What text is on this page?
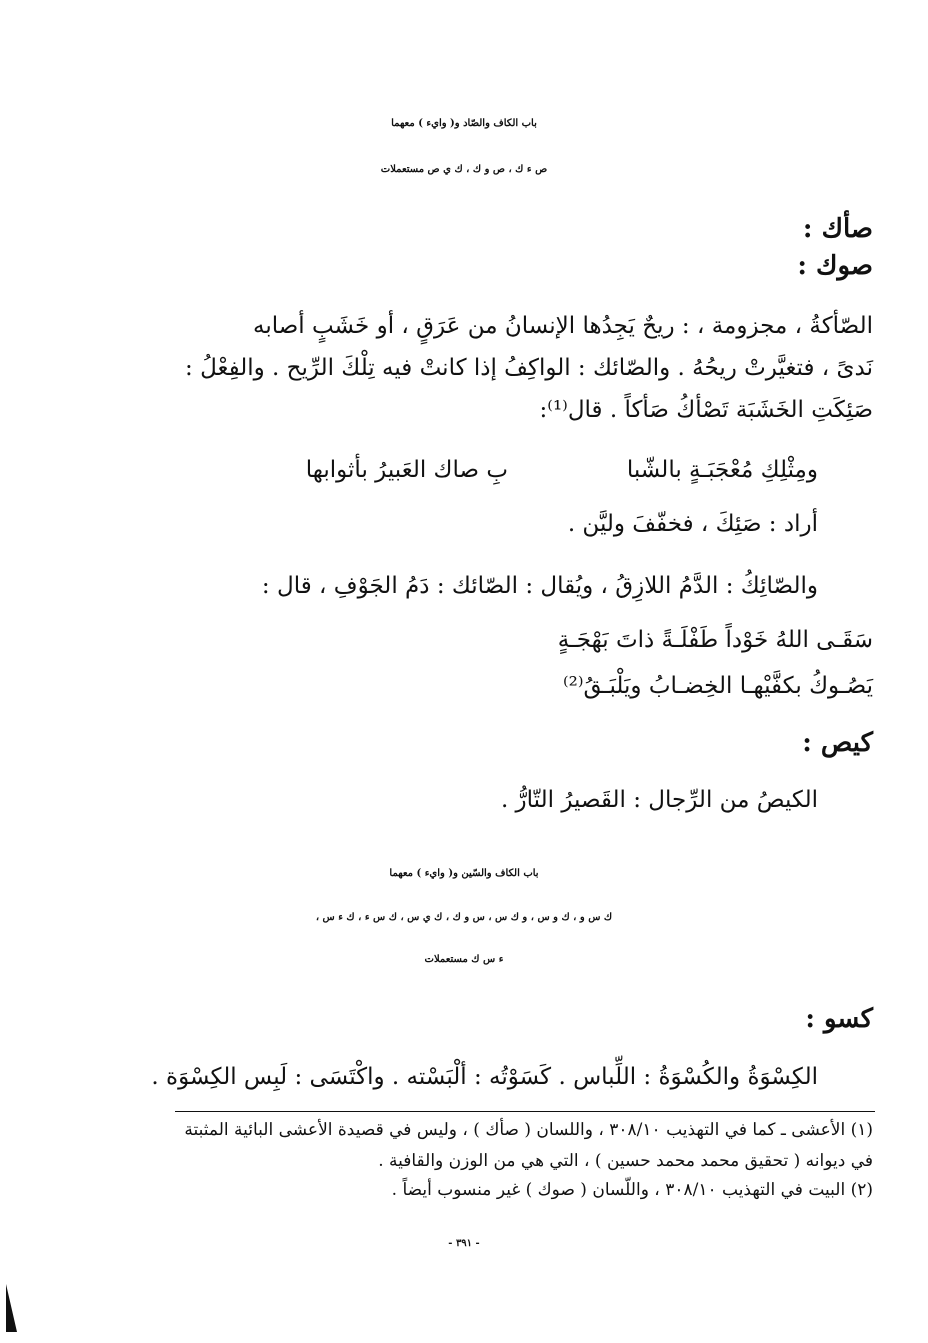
باب الكاف والصّاد و( وايء ) معهما
ص ء ك ، ص و ك ، ك ي ص مستعملات
صأك :
صوك :
الصّأكةُ ، مجزومة ، : ريحٌ يَجِدُها الإنسانُ من عَرَقٍ ، أو خَشَبٍ أصابه
نَدىً ، فتغيَّرتْ ريحُهُ . والصّائك : الواكِفُ إذا كانتْ فيه تِلْكَ الرِّيح . والفِعْلُ :
صَئِكَتِ الخَشَبَة تَصْأكُ صَأكاً . قال⁽¹⁾:
ومِثْلِكِ مُعْجَبَـةٍ بالشّبا
بِ صاك العَبيرُ بأثوابها
أراد : صَئِكَ ، فخفّفَ وليَّن .
والصّائِكُ : الدَّمُ اللازِقُ ، ويُقال : الصّائك : دَمُ الجَوْفِ ، قال :
سَقَـى اللهُ خَوْداً طَفْلَـةً ذاتَ بَهْجَـةٍ
يَصُـوكُ بكفَّيْهـا الخِضـابُ ويَلْبَـقُ⁽²⁾
كيص :
الكيصُ من الرِّجال : القَصيرُ التّارُّ .
باب الكاف والسّين و( وايء ) معهما
ك س و ، ك و س ، و ك س ، س و ك ، ك ي س ، ك س ء ، ك ء س ،
ء س ك مستعملات
كسو :
الكِسْوَةُ والكُسْوَةُ : اللِّباس . كَسَوْتُه : ألْبَسْته . واكْتَسَى : لَبِس الكِسْوَة .
(١) الأعشى ـ كما في التهذيب ٣٠٨/١٠ ، واللسان ( صأك ) ، وليس في قصيدة الأعشى البائية المثبتة
في ديوانه ( تحقيق محمد محمد حسين ) ، التي هي من الوزن والقافية .
(٢) البيت في التهذيب ٣٠٨/١٠ ، واللّسان ( صوك ) غير منسوب أيضاً .
- ٣٩١ -
